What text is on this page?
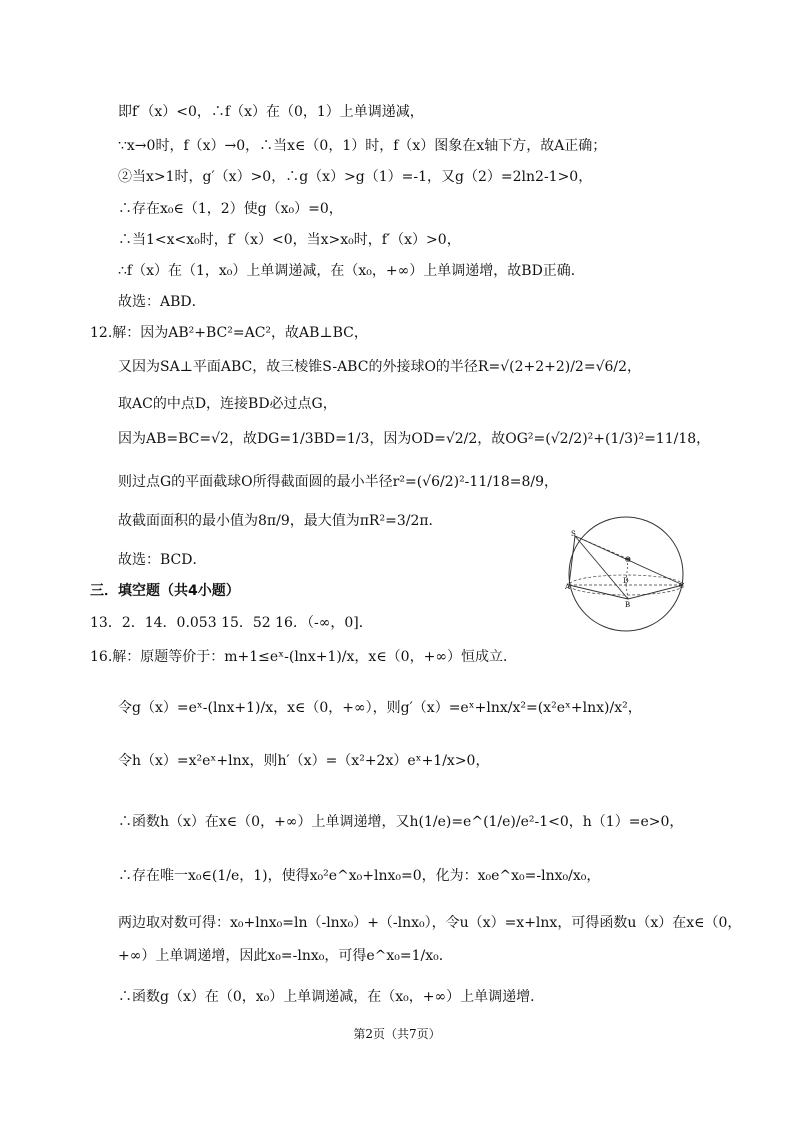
即f′（x）<0，∴f（x）在（0，1）上单调递减，
∵x→0时，f（x）→0，∴当x∈（0，1）时，f（x）图象在x轴下方，故A正确；
②当x>1时，g′（x）>0，∴g（x）>g（1）=-1，又g（2）=2ln2-1>0，
∴存在x₀∈（1，2）使g（x₀）=0，
∴当1<x<x₀时，f′（x）<0，当x>x₀时，f′（x）>0，
∴f（x）在（1，x₀）上单调递减，在（x₀，+∞）上单调递增，故BD正确．
故选：ABD．
12.解：因为AB²+BC²=AC²，故AB⊥BC，
又因为SA⊥平面ABC，故三棱锥S-ABC的外接球O的半径R=√(2+2+2)/2=√6/2，
取AC的中点D，连接BD必过点G，
因为AB=BC=√2，故DG=1/3BD=1/3，因为OD=√2/2，故OG²=(√2/2)²+(1/3)²=11/18，
则过点G的平面截球O所得截面圆的最小半径r²=(√6/2)²-11/18=8/9，
故截面面积的最小值为8π/9，最大值为πR²=3/2π．
故选：BCD．
三．填空题（共4小题）
13．2．14．0.053 15．52 16．（-∞，0]．
16.解：原题等价于：m+1≤eˣ-(lnx+1)/x，x∈（0，+∞）恒成立．
令g（x）=eˣ-(lnx+1)/x，x∈（0，+∞），则g′（x）=eˣ+lnx/x²=(x²eˣ+lnx)/x²，
令h（x）=x²eˣ+lnx，则h′（x）=（x²+2x）eˣ+1/x>0，
∴函数h（x）在x∈（0，+∞）上单调递增，又h(1/e)=e^(1/e)/e²-1<0，h（1）=e>0，
∴存在唯一x₀∈(1/e，1)，使得x₀²e^x₀+lnx₀=0，化为：x₀e^x₀=-lnx₀/x₀，
两边取对数可得：x₀+lnx₀=ln（-lnx₀）+（-lnx₀），令u（x）=x+lnx，可得函数u（x）在x∈（0，
+∞）上单调递增，因此x₀=-lnx₀，可得e^x₀=1/x₀．
∴函数g（x）在（0，x₀）上单调递减，在（x₀，+∞）上单调递增．
S
O
D
A	C
B
第2页（共7页）
